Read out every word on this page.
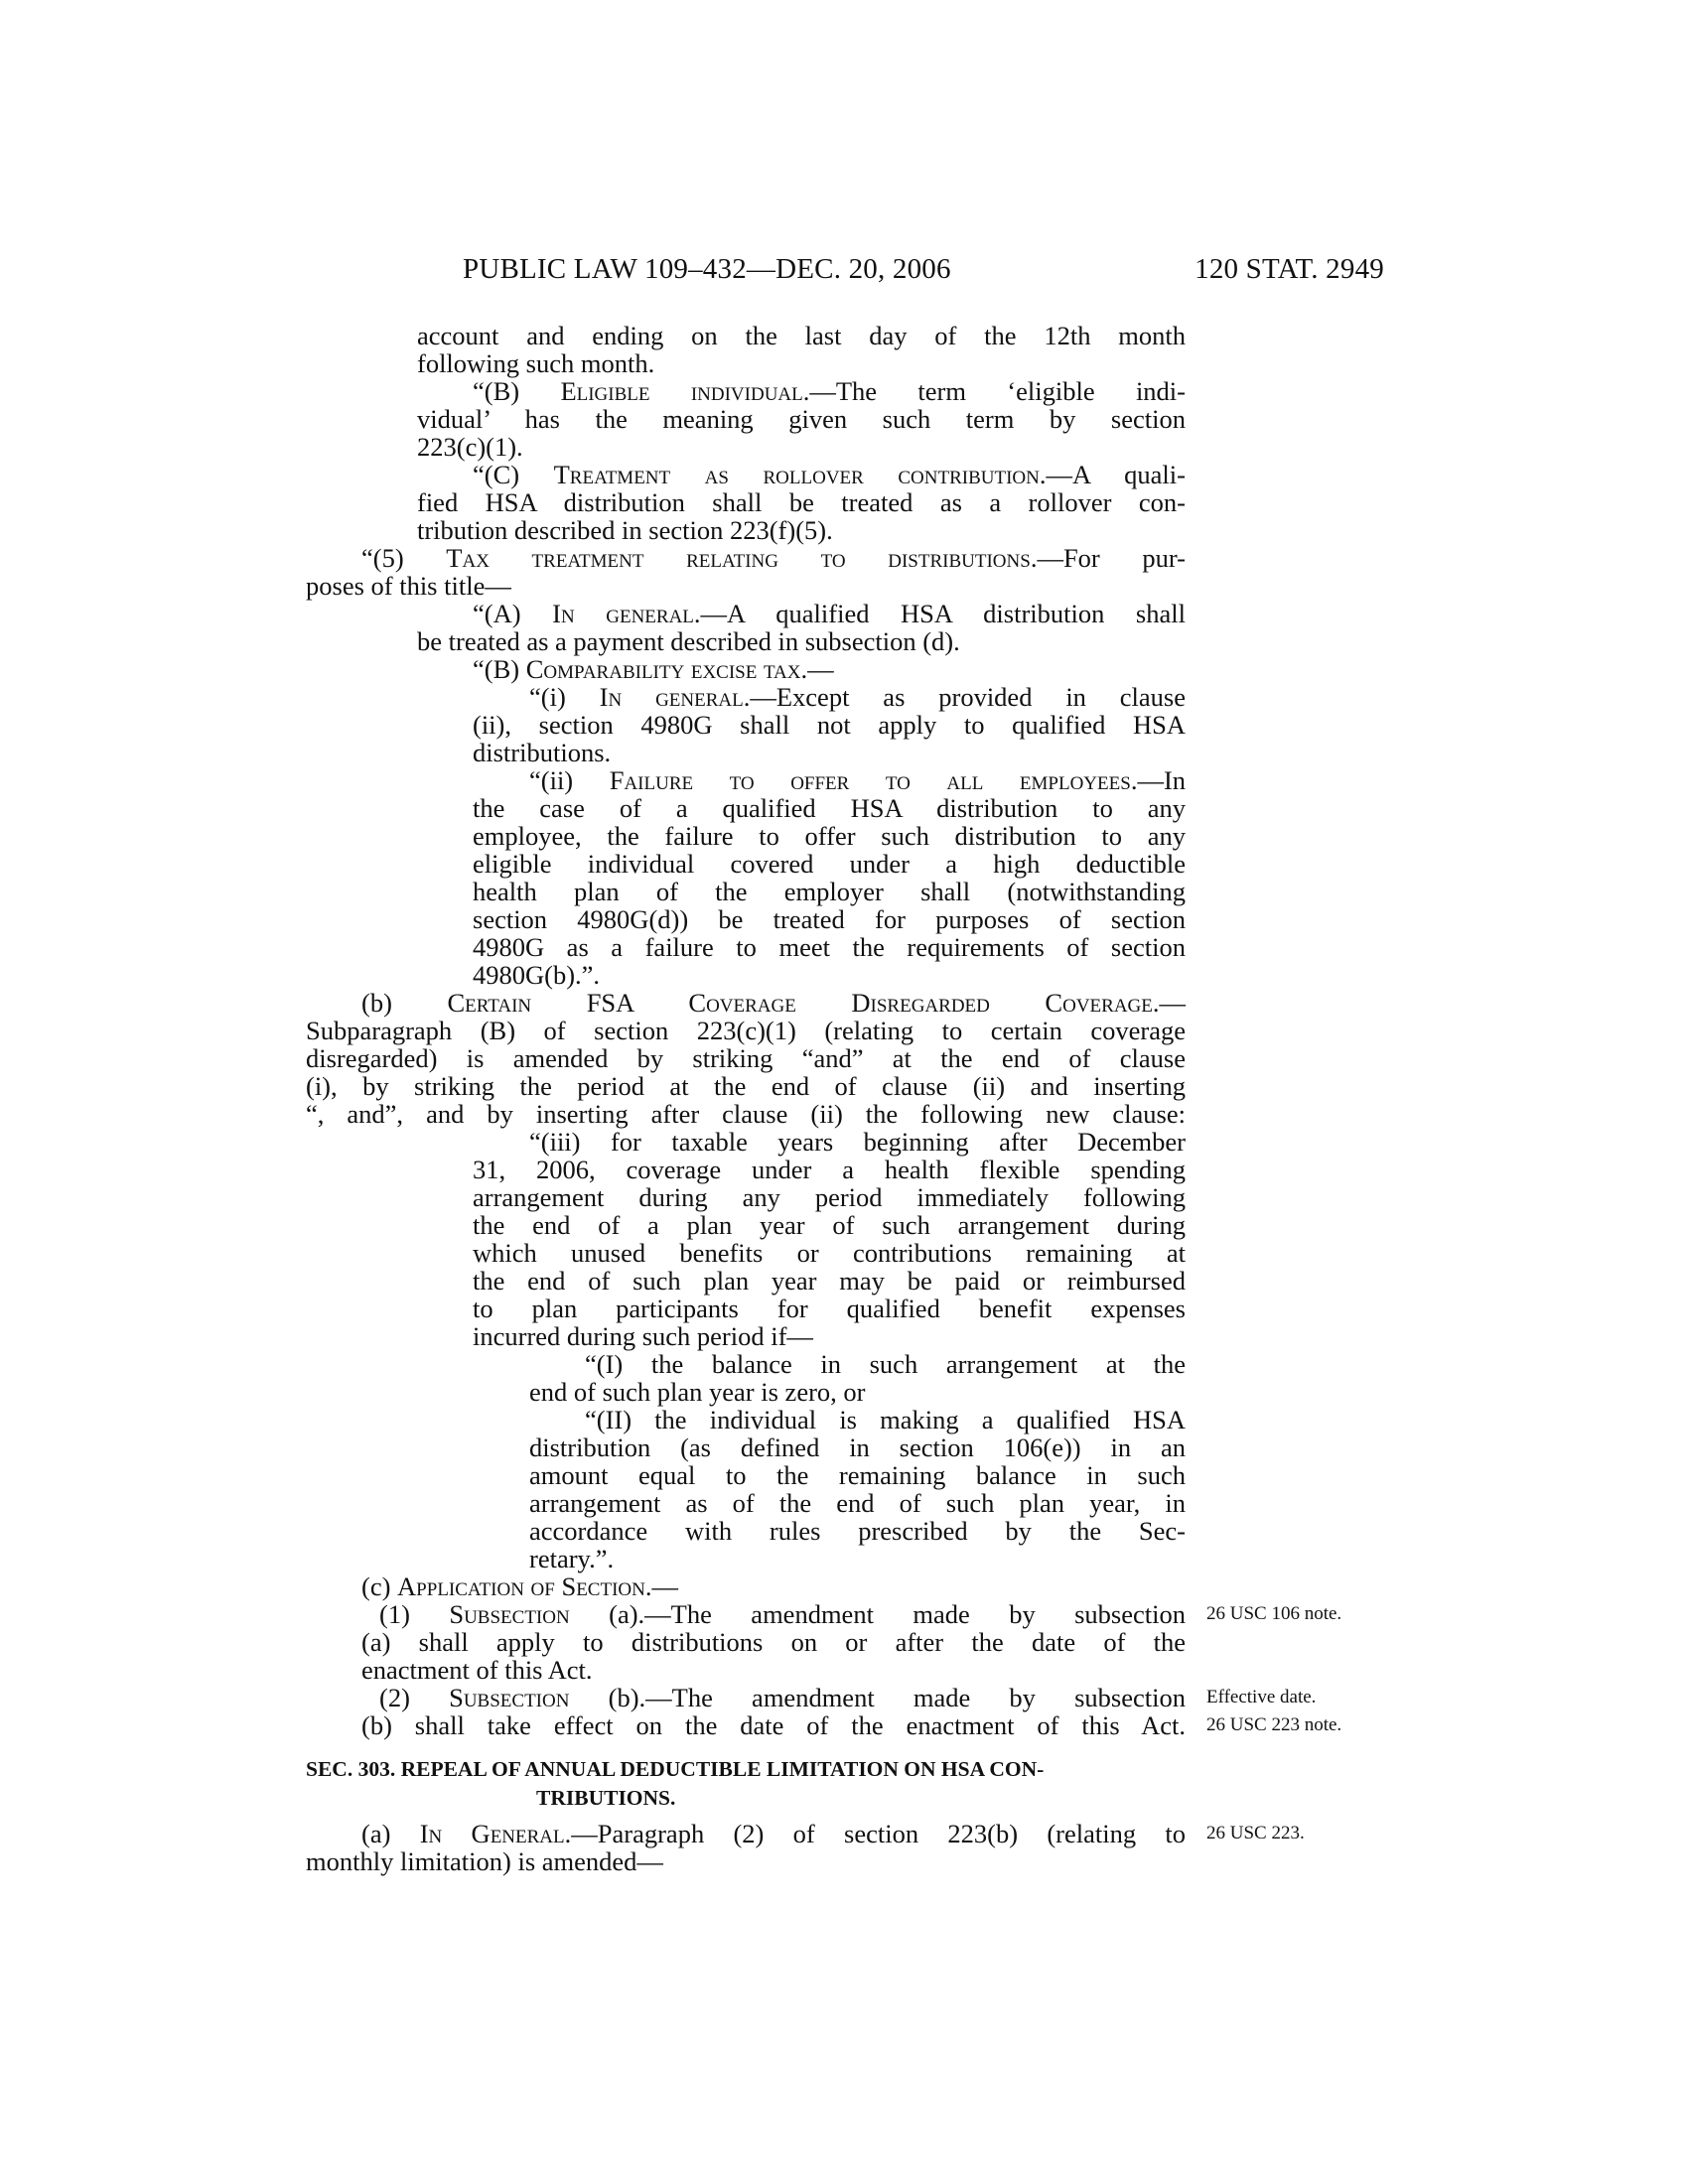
PUBLIC LAW 109–432—DEC. 20, 2006	120 STAT. 2949
account and ending on the last day of the 12th month
following such month.
“(B) Eligible individual.—The term ‘eligible indi-
vidual’ has the meaning given such term by section
223(c)(1).
“(C) Treatment as rollover contribution.—A quali-
fied HSA distribution shall be treated as a rollover con-
tribution described in section 223(f)(5).
“(5) Tax treatment relating to distributions.—For pur-
poses of this title—
“(A) In general.—A qualified HSA distribution shall
be treated as a payment described in subsection (d).
“(B) Comparability excise tax.—
“(i) In general.—Except as provided in clause
(ii), section 4980G shall not apply to qualified HSA
distributions.
“(ii) Failure to offer to all employees.—In
the case of a qualified HSA distribution to any
employee, the failure to offer such distribution to any
eligible individual covered under a high deductible
health plan of the employer shall (notwithstanding
section 4980G(d)) be treated for purposes of section
4980G as a failure to meet the requirements of section
4980G(b).”.
(b) Certain FSA Coverage Disregarded Coverage.—
Subparagraph (B) of section 223(c)(1) (relating to certain coverage
disregarded) is amended by striking “and” at the end of clause
(i), by striking the period at the end of clause (ii) and inserting
“, and”, and by inserting after clause (ii) the following new clause:
“(iii) for taxable years beginning after December
31, 2006, coverage under a health flexible spending
arrangement during any period immediately following
the end of a plan year of such arrangement during
which unused benefits or contributions remaining at
the end of such plan year may be paid or reimbursed
to plan participants for qualified benefit expenses
incurred during such period if—
“(I) the balance in such arrangement at the
end of such plan year is zero, or
“(II) the individual is making a qualified HSA
distribution (as defined in section 106(e)) in an
amount equal to the remaining balance in such
arrangement as of the end of such plan year, in
accordance with rules prescribed by the Sec-
retary.”.
(c) Application of Section.—
(1) Subsection (a).—The amendment made by subsection
(a) shall apply to distributions on or after the date of the
enactment of this Act.
(2) Subsection (b).—The amendment made by subsection
(b) shall take effect on the date of the enactment of this Act.
(a) In General.—Paragraph (2) of section 223(b) (relating to
monthly limitation) is amended—
26 USC 106 note.
Effective date.
26 USC 223 note.
26 USC 223.
SEC. 303. REPEAL OF ANNUAL DEDUCTIBLE LIMITATION ON HSA CON-
TRIBUTIONS.
